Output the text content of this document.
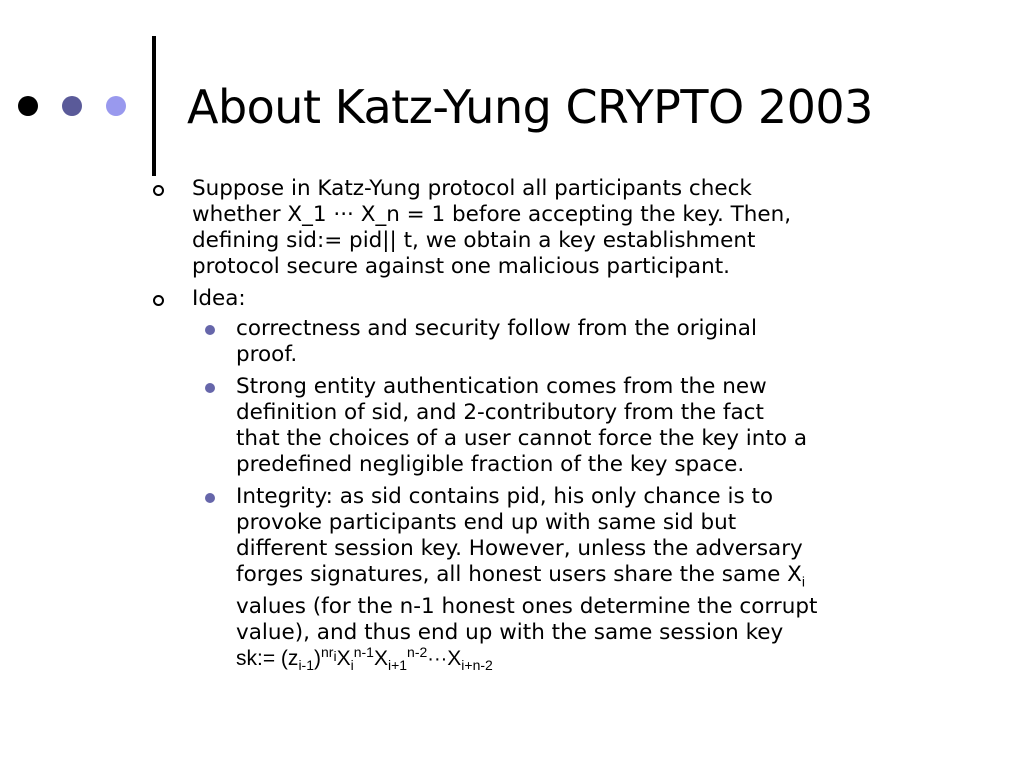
About Katz-Yung CRYPTO 2003
Suppose in Katz-Yung protocol all participants check
whether X_1 ··· X_n = 1 before accepting the key. Then,
defining sid:= pid|| t, we obtain a key establishment
protocol secure against one malicious participant.
Idea:
correctness and security follow from the original
proof.
Strong entity authentication comes from the new
definition of sid, and 2-contributory from the fact
that the choices of a user cannot force the key into a
predefined negligible fraction of the key space.
Integrity: as sid contains pid, his only chance is to
provoke participants end up with same sid but
different session key. However, unless the adversary
forges signatures, all honest users share the same $X_i$
values (for the n-1 honest ones determine the corrupt
value), and thus end up with the same session key
sk:= $(z_{i-1})^{nr_i}X_i^{n-1}X_{i+1}^{n-2}\cdot\cdot\cdot X_{i+n-2}$
